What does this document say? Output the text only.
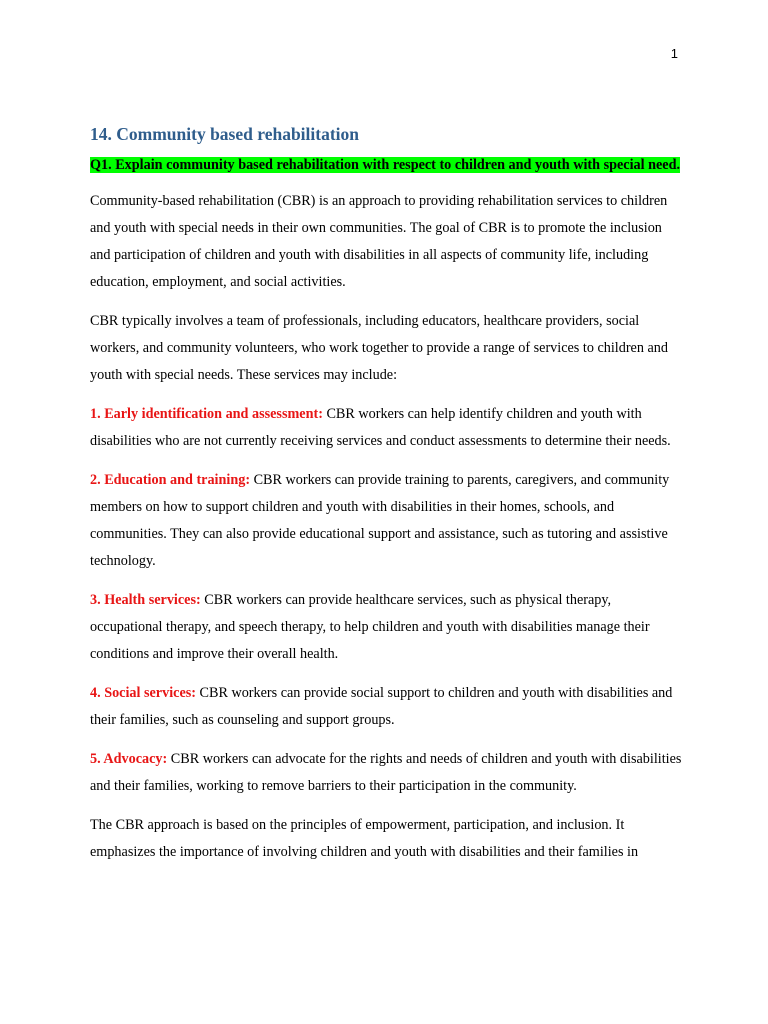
1
14. Community based rehabilitation
Q1. Explain community based rehabilitation with respect to children and youth with special need.

Community-based rehabilitation (CBR) is an approach to providing rehabilitation services to children and youth with special needs in their own communities. The goal of CBR is to promote the inclusion and participation of children and youth with disabilities in all aspects of community life, including education, employment, and social activities.

CBR typically involves a team of professionals, including educators, healthcare providers, social workers, and community volunteers, who work together to provide a range of services to children and youth with special needs. These services may include:

1. Early identification and assessment: CBR workers can help identify children and youth with disabilities who are not currently receiving services and conduct assessments to determine their needs.

2. Education and training: CBR workers can provide training to parents, caregivers, and community members on how to support children and youth with disabilities in their homes, schools, and communities. They can also provide educational support and assistance, such as tutoring and assistive technology.

3. Health services: CBR workers can provide healthcare services, such as physical therapy, occupational therapy, and speech therapy, to help children and youth with disabilities manage their conditions and improve their overall health.

4. Social services: CBR workers can provide social support to children and youth with disabilities and their families, such as counseling and support groups.

5. Advocacy: CBR workers can advocate for the rights and needs of children and youth with disabilities and their families, working to remove barriers to their participation in the community.

The CBR approach is based on the principles of empowerment, participation, and inclusion. It emphasizes the importance of involving children and youth with disabilities and their families in
